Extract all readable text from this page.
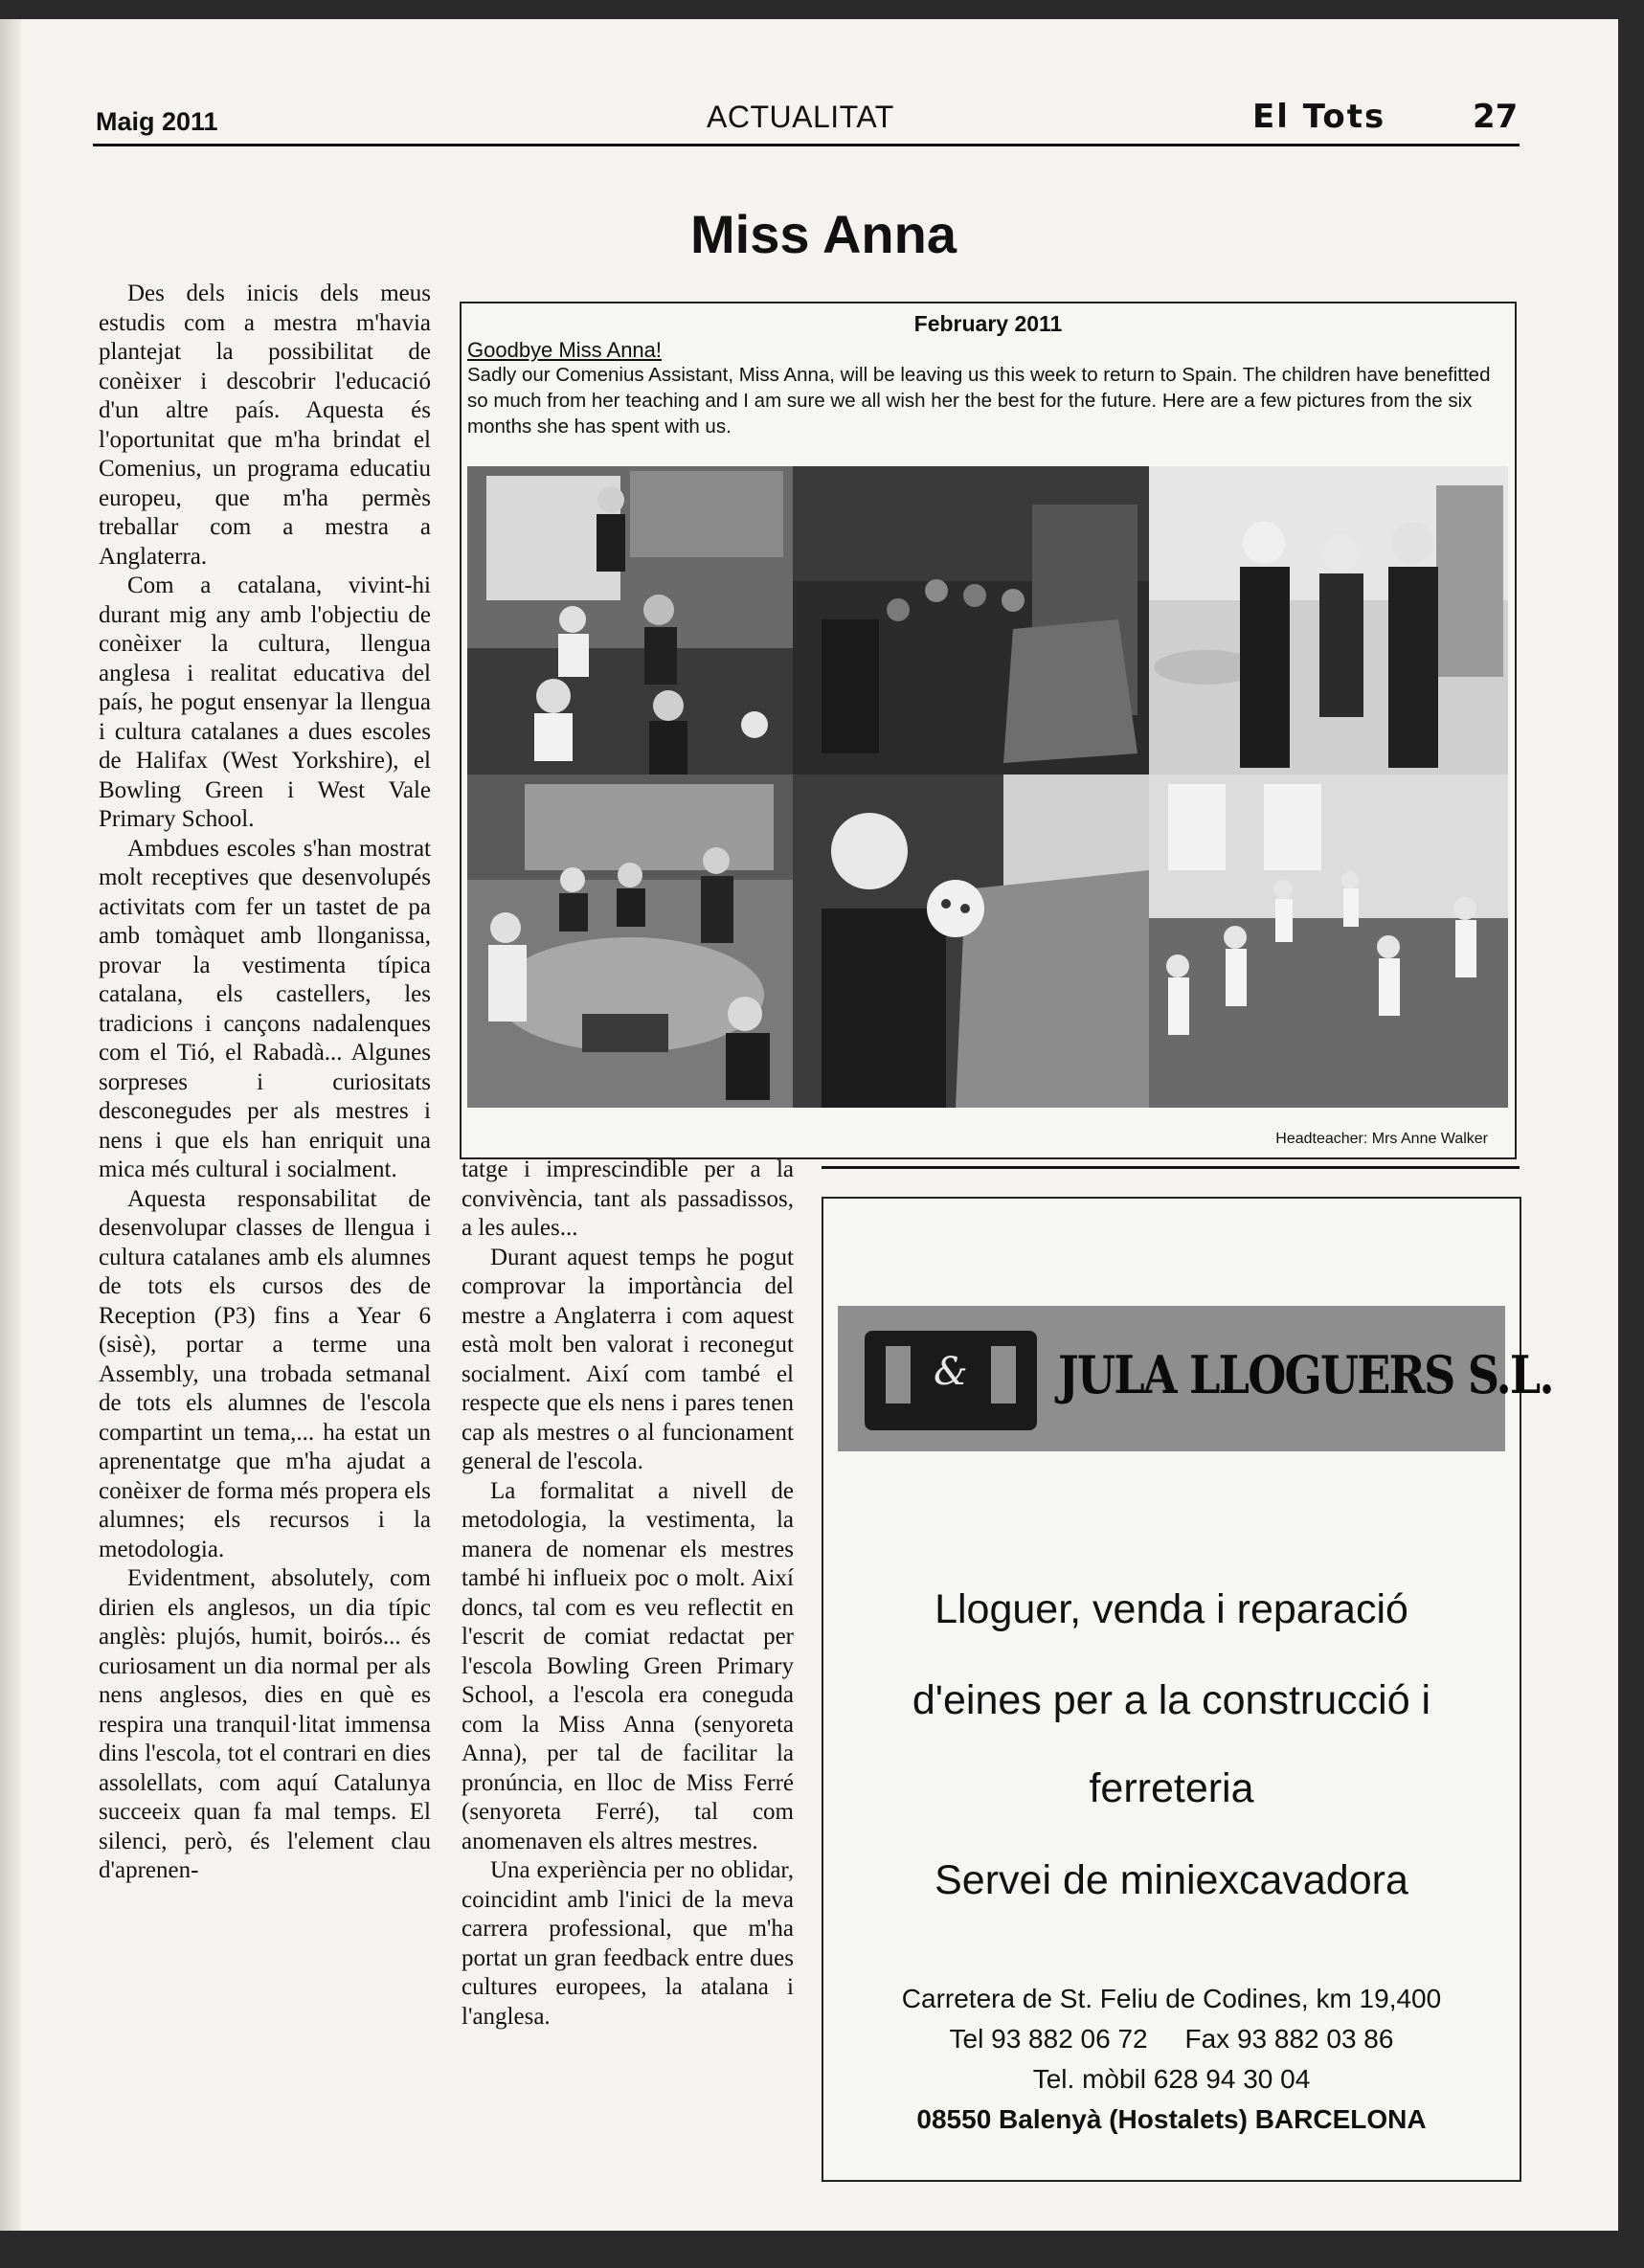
Maig 2011	ACTUALITAT	El Tots	27
Miss Anna

Des dels inicis dels meus estudis com a mestra m'havia plantejat la possibilitat de conèixer i descobrir l'educació d'un altre país. Aquesta és l'oportunitat que m'ha brindat el Comenius, un programa educatiu europeu, que m'ha permès treballar com a mestra a Anglaterra.

Com a catalana, vivint-hi durant mig any amb l'objectiu de conèixer la cultura, llengua anglesa i realitat educativa del país, he pogut ensenyar la llengua i cultura catalanes a dues escoles de Halifax (West Yorkshire), el Bowling Green i West Vale Primary School.

Ambdues escoles s'han mostrat molt receptives que desenvolupés activitats com fer un tastet de pa amb tomàquet amb llonganissa, provar la vestimenta típica catalana, els castellers, les tradicions i cançons nadalenques com el Tió, el Rabadà... Algunes sorpreses i curiositats desconegudes per als mestres i nens i que els han enriquit una mica més cultural i socialment.

Aquesta responsabilitat de desenvolupar classes de llengua i cultura catalanes amb els alumnes de tots els cursos des de Reception (P3) fins a Year 6 (sisè), portar a terme una Assembly, una trobada setmanal de tots els alumnes de l'escola compartint un tema,... ha estat un aprenentatge que m'ha ajudat a conèixer de forma més propera els alumnes; els recursos i la metodologia.

Evidentment, absolutely, com dirien els anglesos, un dia típic anglès: plujós, humit, boirós... és curiosament un dia normal per als nens anglesos, dies en què es respira una tranquil·litat immensa dins l'escola, tot el contrari en dies assolellats, com aquí Catalunya succeeix quan fa mal temps. El silenci, però, és l'element clau d'aprenen-

February 2011
Goodbye Miss Anna!
Sadly our Comenius Assistant, Miss Anna, will be leaving us this week to return to Spain. The children have benefitted so much from her teaching and I am sure we all wish her the best for the future. Here are a few pictures from the six months she has spent with us.
Headteacher: Mrs Anne Walker

tatge i imprescindible per a la convivència, tant als passadissos, a les aules...

Durant aquest temps he pogut comprovar la importància del mestre a Anglaterra i com aquest està molt ben valorat i reconegut socialment. Així com també el respecte que els nens i pares tenen cap als mestres o al funcionament general de l'escola.

La formalitat a nivell de metodologia, la vestimenta, la manera de nomenar els mestres també hi influeix poc o molt. Així doncs, tal com es veu reflectit en l'escrit de comiat redactat per l'escola Bowling Green Primary School, a l'escola era coneguda com la Miss Anna (senyoreta Anna), per tal de facilitar la pronúncia, en lloc de Miss Ferré (senyoreta Ferré), tal com anomenaven els altres mestres.

Una experiència per no oblidar, coincidint amb l'inici de la meva carrera professional, que m'ha portat un gran feedback entre dues cultures europees, la atalana i l'anglesa.

& JULA LLOGUERS S.L.
Lloguer, venda i reparació
d'eines per a la construcció i
ferreteria
Servei de miniexcavadora
Carretera de St. Feliu de Codines, km 19,400
Tel 93 882 06 72     Fax 93 882 03 86
Tel. mòbil 628 94 30 04
08550 Balenyà (Hostalets) BARCELONA
